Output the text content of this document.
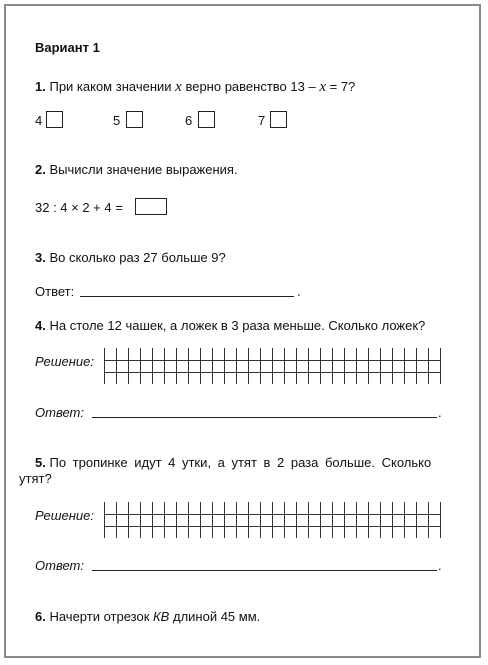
Вариант 1
1. При каком значении x верно равенство 13 – x = 7?
4	5	6	7
2. Вычисли значение выражения.
32 : 4 × 2 + 4 =
3. Во сколько раз 27 больше 9?
Ответ:	.
4. На столе 12 чашек, а ложек в 3 раза меньше. Сколько ложек?
Решение:
Ответ:	.
5. По тропинке идут 4 утки, а утят в 2 раза больше. Сколько
утят?
Решение:
Ответ:	.
6. Начерти отрезок КВ длиной 45 мм.
